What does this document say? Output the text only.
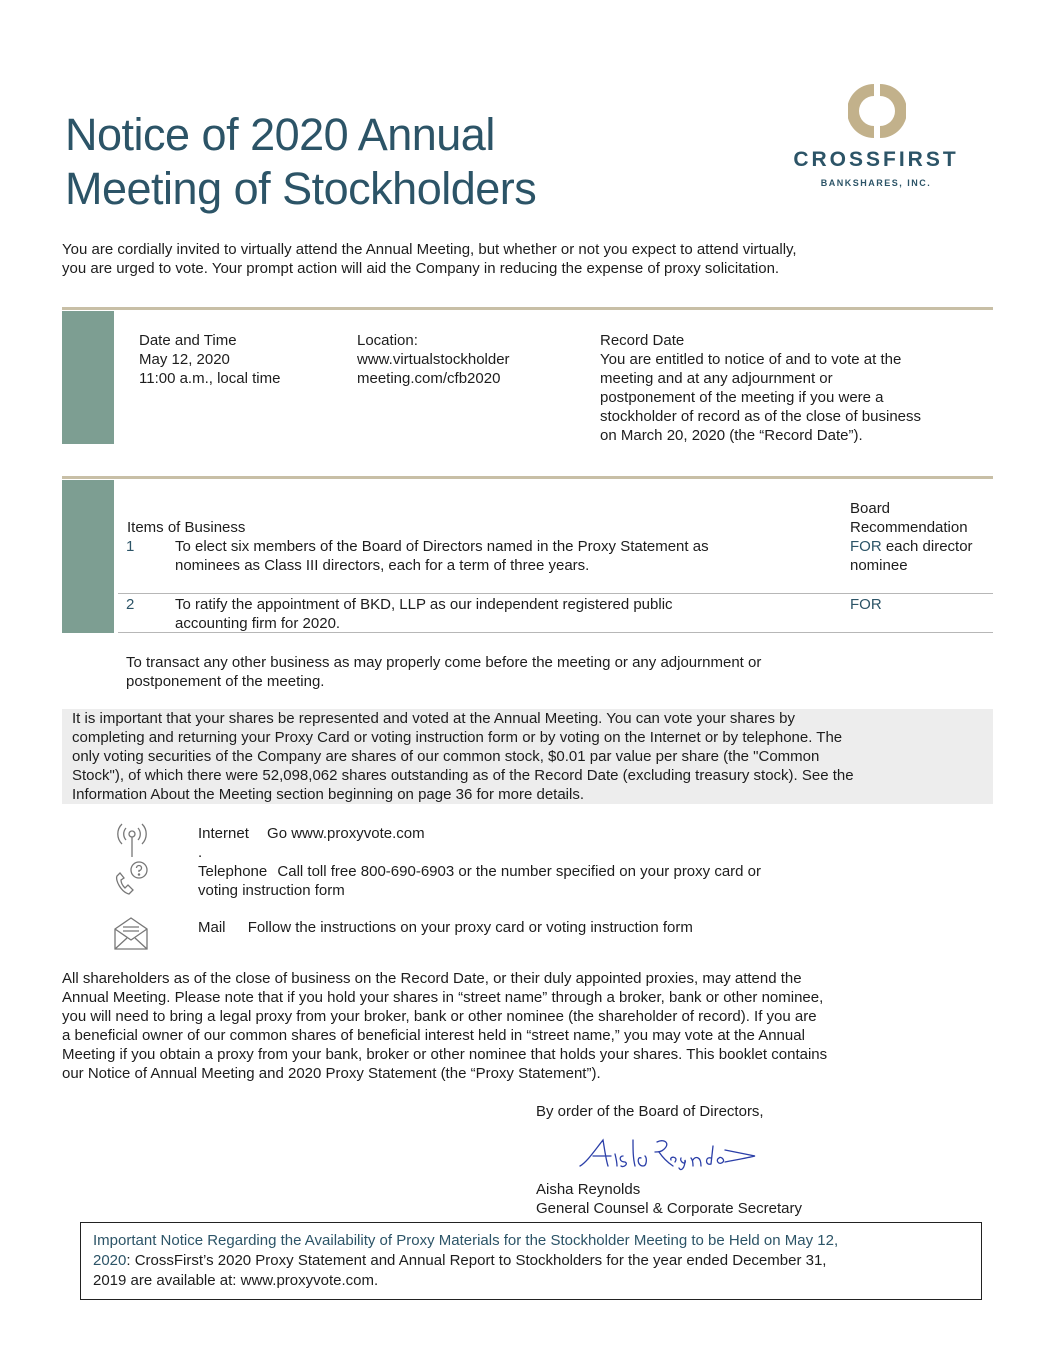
Notice of 2020 Annual
Meeting of Stockholders
CROSSFIRST
BANKSHARES, INC.
You are cordially invited to virtually attend the Annual Meeting, but whether or not you expect to attend virtually,
you are urged to vote. Your prompt action will aid the Company in reducing the expense of proxy solicitation.
Date and Time
May 12, 2020
11:00 a.m., local time
Location:
www.virtualstockholder
meeting.com/cfb2020
Record Date
You are entitled to notice of and to vote at the
meeting and at any adjournment or
postponement of the meeting if you were a
stockholder of record as of the close of business
on March 20, 2020 (the “Record Date”).
Board
Recommendation
Items of Business
1	To elect six members of the Board of Directors named in the Proxy Statement as
nominees as Class III directors, each for a term of three years.
FOR each director
nominee
2	To ratify the appointment of BKD, LLP as our independent registered public
accounting firm for 2020.
FOR
To transact any other business as may properly come before the meeting or any adjournment or
postponement of the meeting.
It is important that your shares be represented and voted at the Annual Meeting. You can vote your shares by
completing and returning your Proxy Card or voting instruction form or by voting on the Internet or by telephone. The
only voting securities of the Company are shares of our common stock, $0.01 par value per share (the "Common
Stock"), of which there were 52,098,062 shares outstanding as of the Record Date (excluding treasury stock). See the
Information About the Meeting section beginning on page 36 for more details.
Internet Go www.proxyvote.com
.
Telephone Call toll free 800-690-6903 or the number specified on your proxy card or
voting instruction form
Mail Follow the instructions on your proxy card or voting instruction form
All shareholders as of the close of business on the Record Date, or their duly appointed proxies, may attend the
Annual Meeting. Please note that if you hold your shares in “street name” through a broker, bank or other nominee,
you will need to bring a legal proxy from your broker, bank or other nominee (the shareholder of record). If you are
a beneficial owner of our common shares of beneficial interest held in “street name,” you may vote at the Annual
Meeting if you obtain a proxy from your bank, broker or other nominee that holds your shares. This booklet contains
our Notice of Annual Meeting and 2020 Proxy Statement (the “Proxy Statement”).
By order of the Board of Directors,
Aisha Reynolds
General Counsel & Corporate Secretary
Important Notice Regarding the Availability of Proxy Materials for the Stockholder Meeting to be Held on May 12,
2020: CrossFirst’s 2020 Proxy Statement and Annual Report to Stockholders for the year ended December 31,
2019 are available at: www.proxyvote.com.
